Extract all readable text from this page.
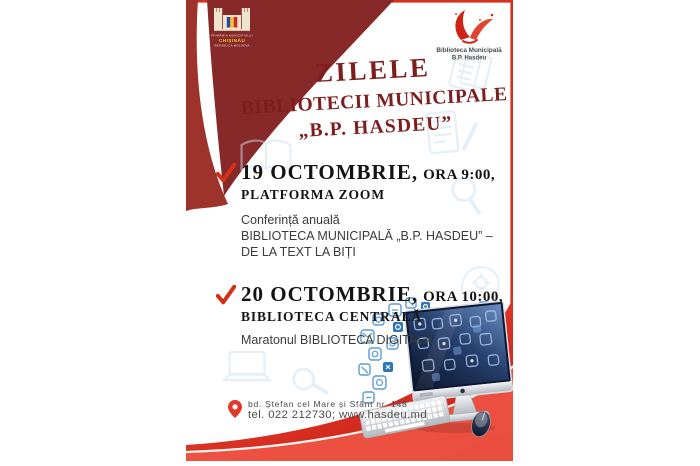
PRIMĂRIA MUNICIPIULUI
CHIȘINĂU
REPUBLICA MOLDOVA
Biblioteca Municipală
B.P. Hasdeu
ZILELE
BIBLIOTECII MUNICIPALE
„B.P. HASDEU”
19 OCTOMBRIE, ORA 9:00,
PLATFORMA ZOOM
Conferință anuală
BIBLIOTECA MUNICIPALĂ „B.P. HASDEU” –
DE LA TEXT LA BIȚI
20 OCTOMBRIE, ORA 10:00,
BIBLIOTECA CENTRALĂ
Maratonul BIBLIOTECA DIGITALĂ
bd. Ștefan cel Mare și Sfânt nr. 148
tel. 022 212730; www.hasdeu.md
